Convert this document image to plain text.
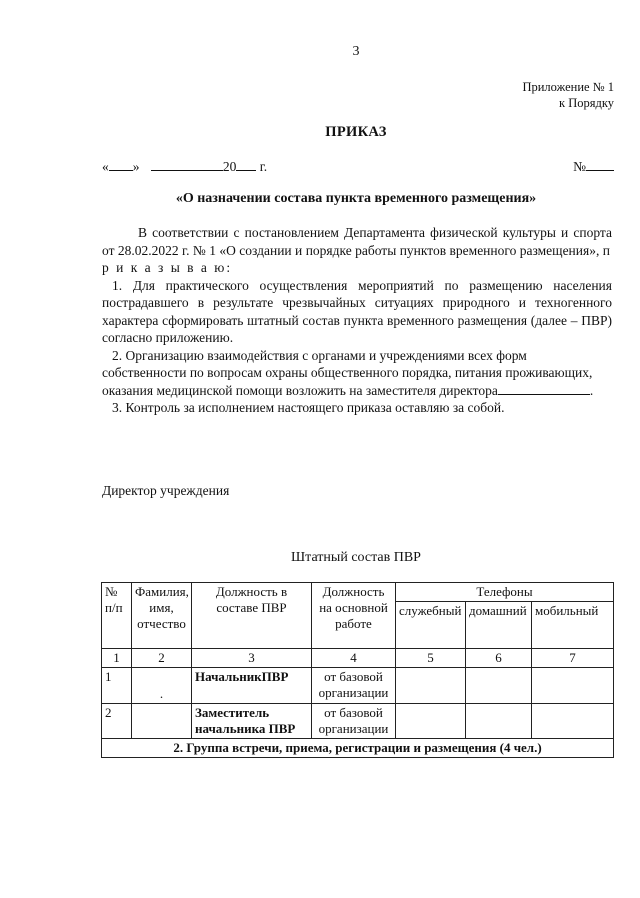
3
Приложение № 1
к Порядку
ПРИКАЗ
« »	20 г.	№
«О назначении состава пункта временного размещения»

В соответствии с постановлением Департамента физической культуры и спорта от 28.02.2022 г. № 1 «О создании и порядке работы пунктов временного размещения», п р и к а з ы в а ю:

1. Для практического осуществления мероприятий по размещению населения пострадавшего в результате чрезвычайных ситуациях природного и техногенного характера сформировать штатный состав пункта временного размещения (далее – ПВР) согласно приложению.

2. Организацию взаимодействия с органами и учреждениями всех форм собственности по вопросам охраны общественного порядка, питания проживающих, оказания медицинской помощи возложить на заместителя директора	.

3. Контроль за исполнением настоящего приказа оставляю за собой.

Директор учреждения
Штатный состав ПВР
№ п/п	Фамилия, имя, отчество	Должность в составе ПВР	Должность на основной работе	Телефоны		
				служебный	домашний	мобильный
1	2	3	4	5	6	7
1	.	НачальникПВР	от базовой организации			
2		Заместитель начальника ПВР	от базовой организации			
2. Группа встречи, приема, регистрации и размещения (4 чел.)						
